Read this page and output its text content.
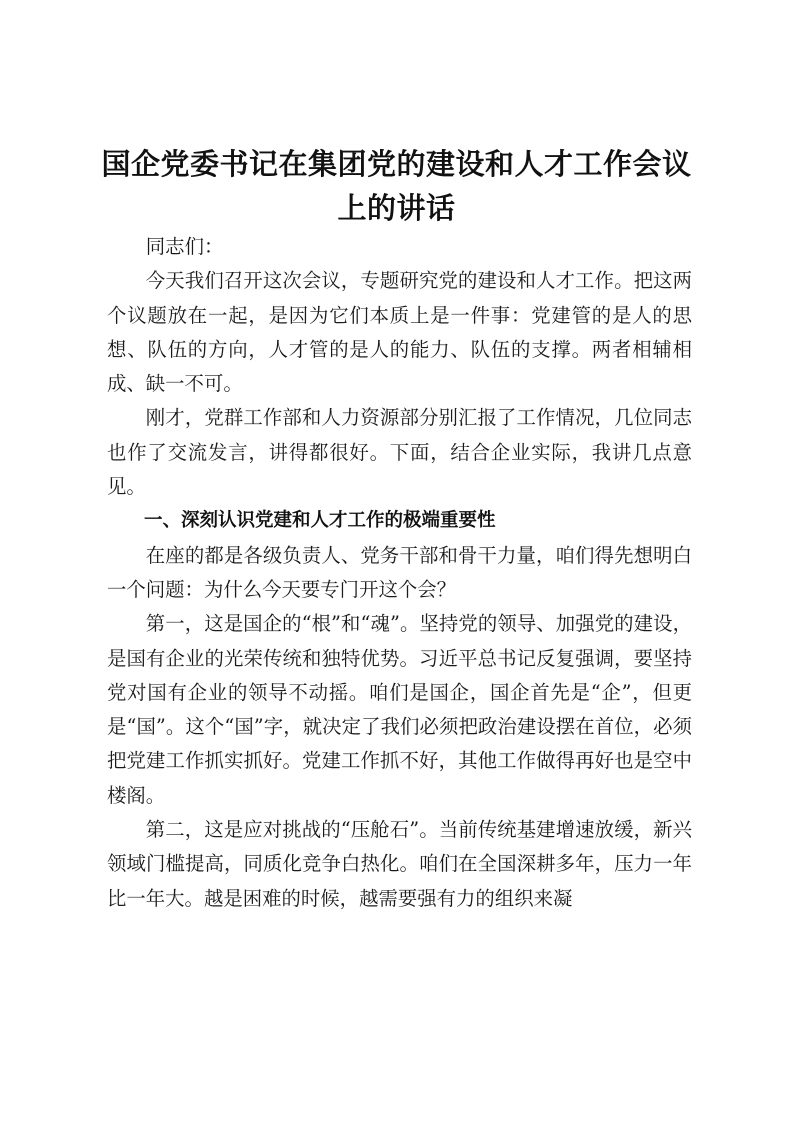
国企党委书记在集团党的建设和人才工作会议上的讲话

同志们：

今天我们召开这次会议，专题研究党的建设和人才工作。把这两个议题放在一起，是因为它们本质上是一件事：党建管的是人的思想、队伍的方向，人才管的是人的能力、队伍的支撑。两者相辅相成、缺一不可。

刚才，党群工作部和人力资源部分别汇报了工作情况，几位同志也作了交流发言，讲得都很好。下面，结合企业实际，我讲几点意见。

一、深刻认识党建和人才工作的极端重要性

在座的都是各级负责人、党务干部和骨干力量，咱们得先想明白一个问题：为什么今天要专门开这个会？

第一，这是国企的“根”和“魂”。坚持党的领导、加强党的建设，是国有企业的光荣传统和独特优势。习近平总书记反复强调，要坚持党对国有企业的领导不动摇。咱们是国企，国企首先是“企”，但更是“国”。这个“国”字，就决定了我们必须把政治建设摆在首位，必须把党建工作抓实抓好。党建工作抓不好，其他工作做得再好也是空中楼阁。

第二，这是应对挑战的“压舱石”。当前传统基建增速放缓，新兴领域门槛提高，同质化竞争白热化。咱们在全国深耕多年，压力一年比一年大。越是困难的时候，越需要强有力的组织来凝
